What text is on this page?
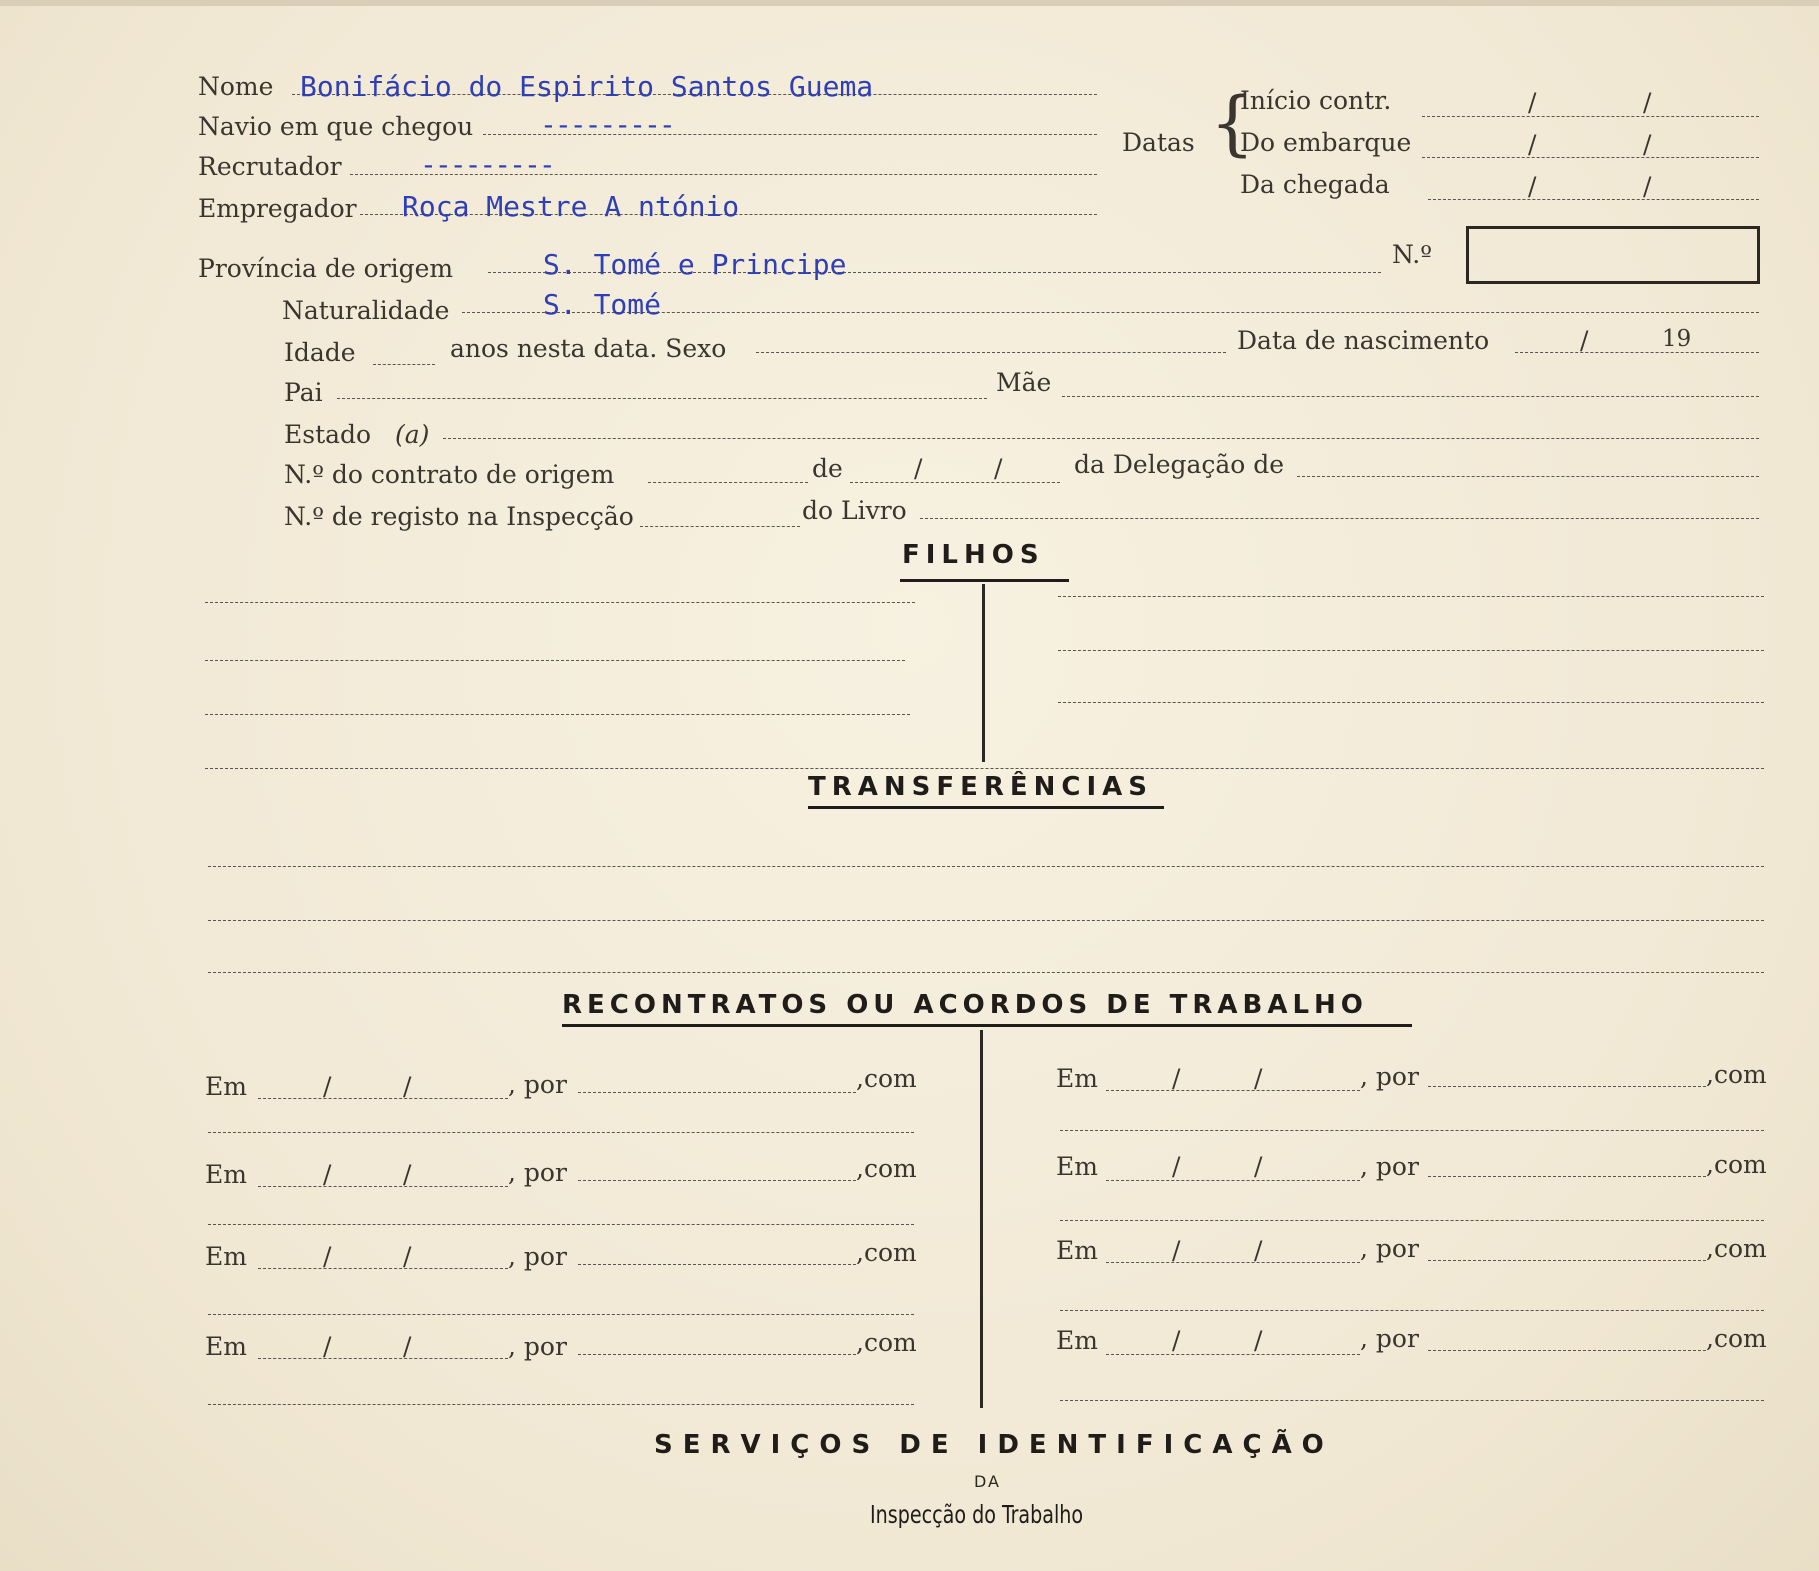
Nome Bonifácio do Espirito Santos Guema
Navio em que chegou ---------
Recrutador	---------
Empregador Roça Mestre A ntónio
Datas {
Início contr.	/	/
Do embarque	/	/
Da chegada	/	/
N.º
Província de origem	S. Tomé e Principe
Naturalidade	S. Tomé
Idade	anos nesta data. Sexo	Data de nascimento	/	19
Pai	Mãe
Estado (a)
N.º do contrato de origem	de	/	/	da Delegação de
N.º de registo na Inspecção	do Livro
FILHOS
TRANSFERÊNCIAS
RECONTRATOS OU ACORDOS DE TRABALHO
Em	/	/	, por	,com
Em	/	/	, por	,com
Em	/	/	, por	,com
Em	/	/	, por	,com
Em	/	/	, por	,com
Em	/	/	, por	,com
Em	/	/	, por	,com
Em	/	/	, por	,com
SERVIÇOS DE IDENTIFICAÇÃO
DA
Inspecção do Trabalho
